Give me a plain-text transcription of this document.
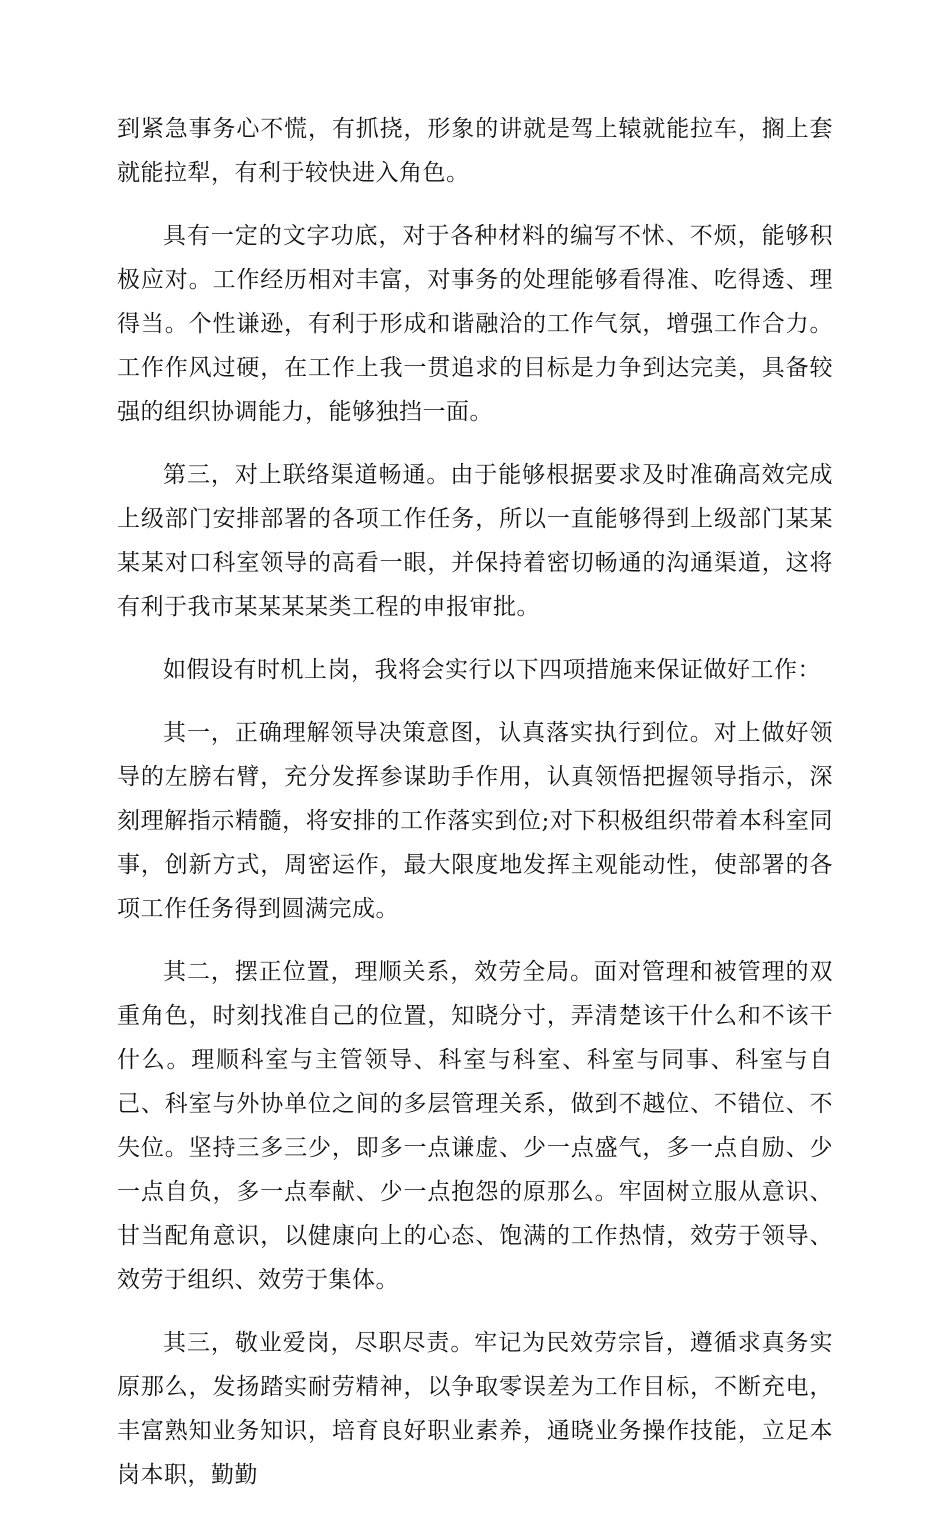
到紧急事务心不慌，有抓挠，形象的讲就是驾上辕就能拉车，搁上套就能拉犁，有利于较快进入角色。

具有一定的文字功底，对于各种材料的编写不怵、不烦，能够积极应对。工作经历相对丰富，对事务的处理能够看得准、吃得透、理得当。个性谦逊，有利于形成和谐融洽的工作气氛，增强工作合力。工作作风过硬，在工作上我一贯追求的目标是力争到达完美，具备较强的组织协调能力，能够独挡一面。

第三，对上联络渠道畅通。由于能够根据要求及时准确高效完成上级部门安排部署的各项工作任务，所以一直能够得到上级部门某某某某对口科室领导的高看一眼，并保持着密切畅通的沟通渠道，这将有利于我市某某某某类工程的申报审批。

如假设有时机上岗，我将会实行以下四项措施来保证做好工作：

其一，正确理解领导决策意图，认真落实执行到位。对上做好领导的左膀右臂，充分发挥参谋助手作用，认真领悟把握领导指示，深刻理解指示精髓，将安排的工作落实到位;对下积极组织带着本科室同事，创新方式，周密运作，最大限度地发挥主观能动性，使部署的各项工作任务得到圆满完成。

其二，摆正位置，理顺关系，效劳全局。面对管理和被管理的双重角色，时刻找准自己的位置，知晓分寸，弄清楚该干什么和不该干什么。理顺科室与主管领导、科室与科室、科室与同事、科室与自己、科室与外协单位之间的多层管理关系，做到不越位、不错位、不失位。坚持三多三少，即多一点谦虚、少一点盛气，多一点自励、少一点自负，多一点奉献、少一点抱怨的原那么。牢固树立服从意识、甘当配角意识，以健康向上的心态、饱满的工作热情，效劳于领导、效劳于组织、效劳于集体。

其三，敬业爱岗，尽职尽责。牢记为民效劳宗旨，遵循求真务实原那么，发扬踏实耐劳精神，以争取零误差为工作目标，不断充电，丰富熟知业务知识，培育良好职业素养，通晓业务操作技能，立足本岗本职，勤勤
